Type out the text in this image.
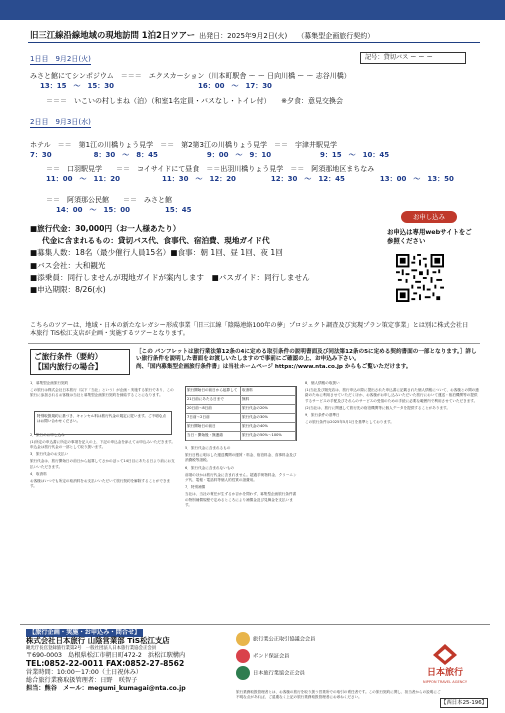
旧三江線沿線地域の現地訪問 1泊2日ツアー 出発日：2025年9月2日(火) （募集型企画旅行契約）
記号：貸切バス ー ー ー
1日目　9月2日(火)
みさと館にてシンポジウム　＝＝＝　エクスカーション（川本町駅舎 ー ー 日向川橋 ー ー 志谷川橋）
13：15　～　15：30　　　　　　　　　　　　16：00　～　17：30
＝＝＝　いこいの村しまね（泊）（和室1名定員・バスなし・トイレ付）　　※夕食：意見交換会
2日目　9月3日(水)
ホテル　＝＝　第1江の川橋りょう見学　＝＝　第2第3江の川橋りょう見学　＝＝　宇津井駅見学
7：30　　　　　　8：30　～　8：45　　　　　　　9：00　～　9：10　　　　　　　9：15　～　10：45
＝＝　口羽駅見学　　＝＝　コイサイドにて昼食　＝＝出羽川橋りょう見学　＝＝　阿須那地区まちなみ
11：00　～　11：20　　　　　　11：30　～　12：20　　　　　12：30　～　12：45　　　　　13：00　～　13：50
＝＝　阿須那公民館　　＝＝　みさと館
14：00　～　15：00　　　　　15：45
■旅行代金：30,000円（お一人様あたり）
代金に含まれるもの：貸切バス代、食事代、宿泊費、現地ガイド代
■募集人数：18名（最少催行人員15名）■食事：朝 1回、昼 1回、夜 1回
■バス会社：大和観光
■添乗員：同行しませんが現地ガイドが案内します　■バスガイド：同行しません
■申込期限：8/26(水)
お申し込み
お申込は専用webサイトをご参照ください
こちらのツアーは、地域・日本の新たなレガシー形成事業「旧三江線「陰陽連絡100年の夢」プロジェクト調査及び実現プラン策定事業」とは別に株式会社日本旅行 TiS松江支店が企画・実施するツアーとなります。
ご旅行条件（要約）
【国内旅行の場合】
［この パンフレットは旅行業法第12条の4に定める取引条件の説明書面及び同法第12条の5に定める契約書面の一部となります。］詳しい旅行条件を説明した書面をお渡しいたしますので事前にご確認の上、お申込み下さい。
尚、「国内募集型企画旅行条件書」は当社ホームページ https://www.nta.co.jp からもご覧いただけます。

1．募集型企画旅行契約

この旅行は株式会社日本旅行（以下「当社」という）が企画・実施する旅行であり、この旅行に参加されるお客様は当社と募集型企画旅行契約を締結することになります。

2．旅行のお申し込み

(1)所定の申込書に所定の事項を記入の上、下記の申込金を添えてお申込みいただきます。申込金は旅行代金の一部として取り扱います。

3．旅行代金のお支払い

旅行代金は、旅行開始日の前日から起算してさかのぼって14日目にあたる日より前にお支払いいただきます。

4．取消料

お客様はいつでも所定の取消料をお支払いいただいて旅行契約を解除することができます。

特別取扱規約に基づき、キャンセル料は旅行代金の規定に従います。ご不明な点はお問い合わせください。
旅行開始日の前日から起算して	取消料
21日前にあたる日まで	無料
20日前〜8日前	旅行代金の20%
7日前〜2日前	旅行代金の30%
旅行開始日の前日	旅行代金の40%
当日・開始後・無連絡	旅行代金の50%〜100%

5．旅行代金に含まれるもの

旅行日程に明示した運送機関の運賃・料金、宿泊料金、食事料金及び消費税等諸税。

6．旅行代金に含まれないもの

前項のほかは旅行代金に含まれません。超過手荷物料金、クリーニング代、電報・電話料等個人的性質の諸費用。

7．特別補償

当社は、当社の責任が生ずるか否かを問わず、募集型企画旅行条件書の特別補償規程で定めるところにより補償金及び見舞金を支払います。

8．個人情報の取扱い

(1)当社及び販売店は、旅行申込の際に提出された申込書に記載された個人情報について、お客様との間の連絡のために利用させていただくほか、お客様がお申し込みいただいた旅行において運送・宿泊機関等の提供するサービスの手配及びそれらのサービスの受領のための手続に必要な範囲内で利用させていただきます。

(2)当社は、旅行に関連して旅行先の宿泊機関等に個人データを提供することがあります。

9．旅行条件の基準日

この旅行条件は2025年5月1日を基準としております。

【旅行企画・実施・お申込み・問合せ】
株式会社日本旅行 山陰営業部 TiS松江支店
観光庁長官登録旅行業第2号　一般社団法人日本旅行業協会正会員
〒690-0003　島根県松江市朝日町472-2　浜松江駅構内
TEL:0852-22-0011 FAX:0852-27-8562
営業時間：10:00～17:00（土日祝休み）
総合旅行業務取扱管理者：日野　咲智子
担当：熊谷　メール：megumi_kumagai@nta.co.jp
旅行業公正取引協議会会員
ボンド保証会員
日本旅行業協会正会員	日本旅行
NIPPON TRAVEL AGENCY
旅行業務取扱管理者とは、お客様の旅行を取り扱う営業所での取引の責任者です。この旅行契約に関し、担当者からの説明にご不明な点があれば、ご遠慮なく上記の旅行業務取扱管理者にお尋ねください。
【西日本25-196】
